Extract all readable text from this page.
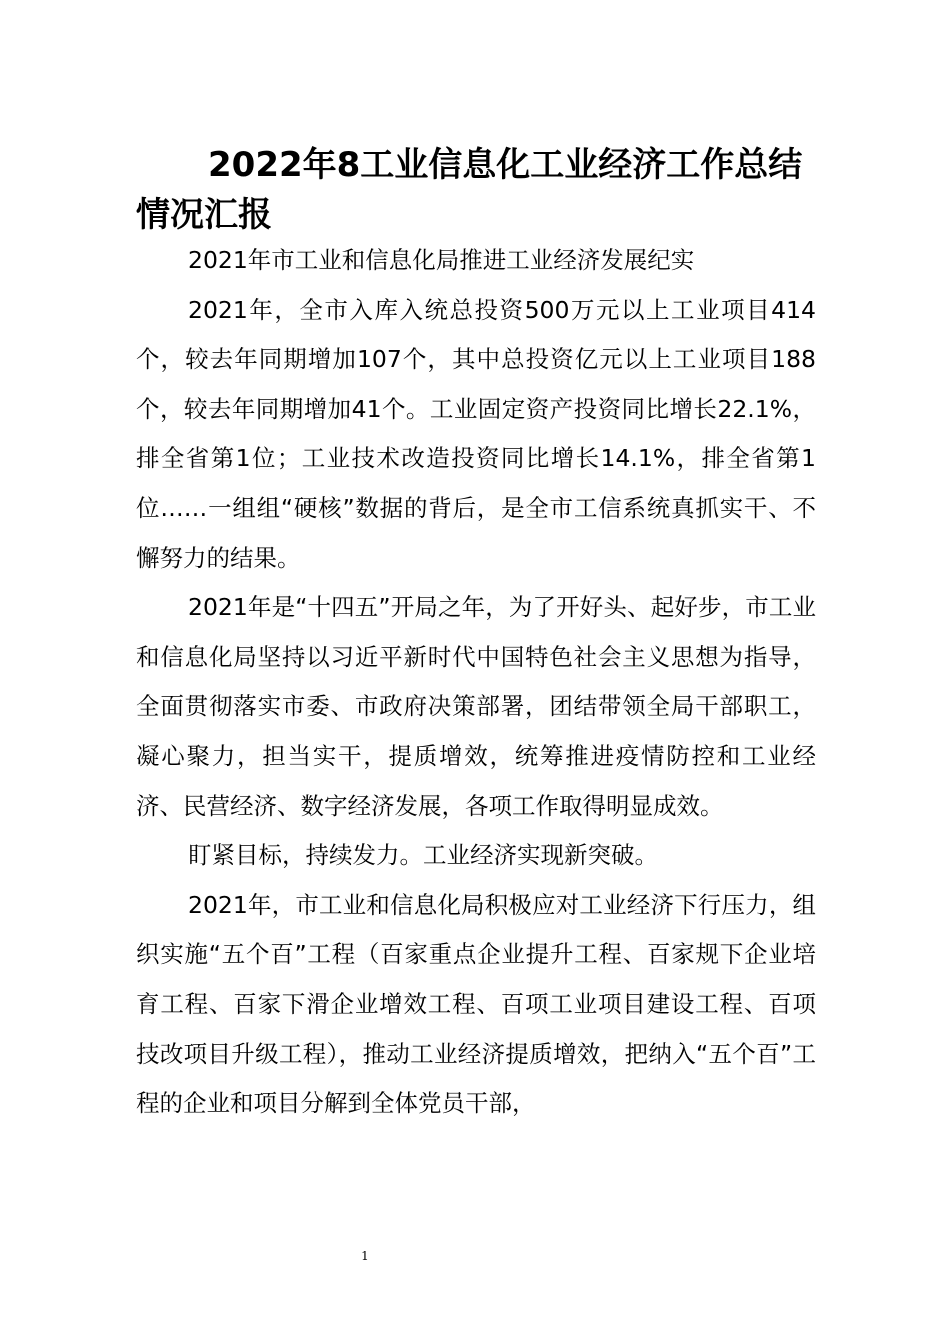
2022年8工业信息化工业经济工作总结情况汇报

2021年市工业和信息化局推进工业经济发展纪实

2021年，全市入库入统总投资500万元以上工业项目414个，较去年同期增加107个，其中总投资亿元以上工业项目188个，较去年同期增加41个。工业固定资产投资同比增长22.1%，排全省第1位；工业技术改造投资同比增长14.1%，排全省第1位……一组组“硬核”数据的背后，是全市工信系统真抓实干、不懈努力的结果。

2021年是“十四五”开局之年，为了开好头、起好步，市工业和信息化局坚持以习近平新时代中国特色社会主义思想为指导，全面贯彻落实市委、市政府决策部署，团结带领全局干部职工，凝心聚力，担当实干，提质增效，统筹推进疫情防控和工业经济、民营经济、数字经济发展，各项工作取得明显成效。

盯紧目标，持续发力。工业经济实现新突破。

2021年，市工业和信息化局积极应对工业经济下行压力，组织实施“五个百”工程（百家重点企业提升工程、百家规下企业培育工程、百家下滑企业增效工程、百项工业项目建设工程、百项技改项目升级工程），推动工业经济提质增效，把纳入“五个百”工程的企业和项目分解到全体党员干部，

1
